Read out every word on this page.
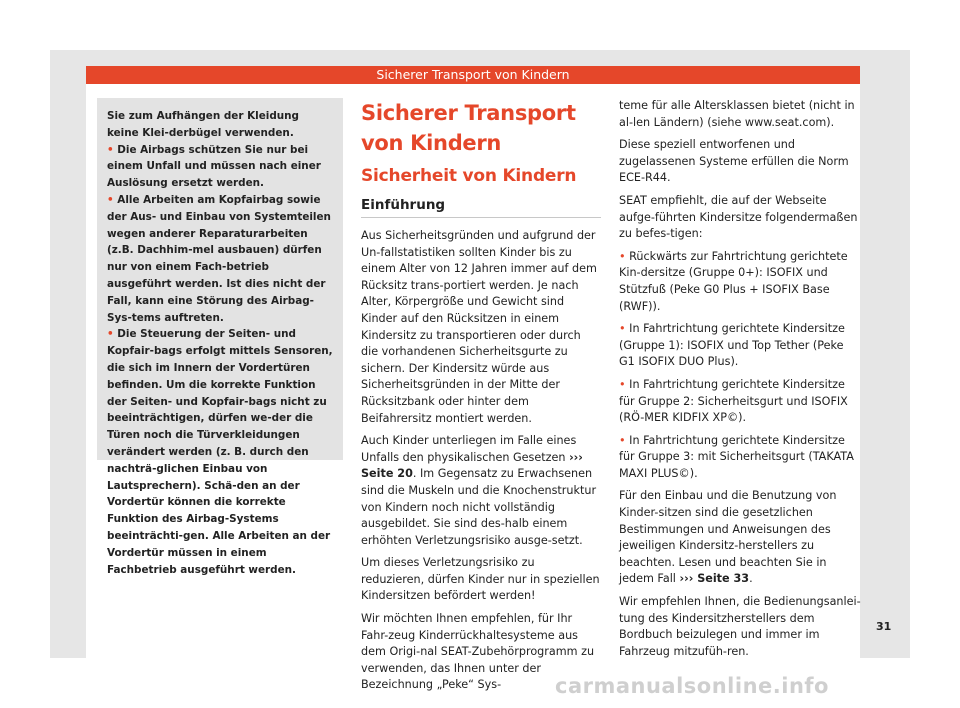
Sicherer Transport von Kindern

Sie zum Aufhängen der Kleidung keine Klei-derbügel verwenden.

• Die Airbags schützen Sie nur bei einem Unfall und müssen nach einer Auslösung ersetzt werden.

• Alle Arbeiten am Kopfairbag sowie der Aus- und Einbau von Systemteilen wegen anderer Reparaturarbeiten (z.B. Dachhim-mel ausbauen) dürfen nur von einem Fach-betrieb ausgeführt werden. Ist dies nicht der Fall, kann eine Störung des Airbag-Sys-tems auftreten.

• Die Steuerung der Seiten- und Kopfair-bags erfolgt mittels Sensoren, die sich im Innern der Vordertüren befinden. Um die korrekte Funktion der Seiten- und Kopfair-bags nicht zu beeinträchtigen, dürfen we-der die Türen noch die Türverkleidungen verändert werden (z. B. durch den nachträ-glichen Einbau von Lautsprechern). Schä-den an der Vordertür können die korrekte Funktion des Airbag-Systems beeinträchti-gen. Alle Arbeiten an der Vordertür müssen in einem Fachbetrieb ausgeführt werden.

Sicherer Transport von Kindern
Sicherheit von Kindern
Einführung

Aus Sicherheitsgründen und aufgrund der Un-fallstatistiken sollten Kinder bis zu einem Alter von 12 Jahren immer auf dem Rücksitz trans-portiert werden. Je nach Alter, Körpergröße und Gewicht sind Kinder auf den Rücksitzen in einem Kindersitz zu transportieren oder durch die vorhandenen Sicherheitsgurte zu sichern. Der Kindersitz würde aus Sicherheitsgründen in der Mitte der Rücksitzbank oder hinter dem Beifahrersitz montiert werden.

Auch Kinder unterliegen im Falle eines Unfalls den physikalischen Gesetzen ››› Seite 20. Im Gegensatz zu Erwachsenen sind die Muskeln und die Knochenstruktur von Kindern noch nicht vollständig ausgebildet. Sie sind des-halb einem erhöhten Verletzungsrisiko ausge-setzt.

Um dieses Verletzungsrisiko zu reduzieren, dürfen Kinder nur in speziellen Kindersitzen befördert werden!

Wir möchten Ihnen empfehlen, für Ihr Fahr-zeug Kinderrückhaltesysteme aus dem Origi-nal SEAT-Zubehörprogramm zu verwenden, das Ihnen unter der Bezeichnung „Peke“ Sys-

teme für alle Altersklassen bietet (nicht in al-len Ländern) (siehe www.seat.com).

Diese speziell entworfenen und zugelassenen Systeme erfüllen die Norm ECE-R44.

SEAT empfiehlt, die auf der Webseite aufge-führten Kindersitze folgendermaßen zu befes-tigen:

• Rückwärts zur Fahrtrichtung gerichtete Kin-dersitze (Gruppe 0+): ISOFIX und Stützfuß (Peke G0 Plus + ISOFIX Base (RWF)).

• In Fahrtrichtung gerichtete Kindersitze (Gruppe 1): ISOFIX und Top Tether (Peke G1 ISOFIX DUO Plus).

• In Fahrtrichtung gerichtete Kindersitze für Gruppe 2: Sicherheitsgurt und ISOFIX (RÖ-MER KIDFIX XP©).

• In Fahrtrichtung gerichtete Kindersitze für Gruppe 3: mit Sicherheitsgurt (TAKATA MAXI PLUS©).

Für den Einbau und die Benutzung von Kinder-sitzen sind die gesetzlichen Bestimmungen und Anweisungen des jeweiligen Kindersitz-herstellers zu beachten. Lesen und beachten Sie in jedem Fall ››› Seite 33.

Wir empfehlen Ihnen, die Bedienungsanlei-tung des Kindersitzherstellers dem Bordbuch beizulegen und immer im Fahrzeug mitzufüh-ren.

31
carmanualsonline.info
